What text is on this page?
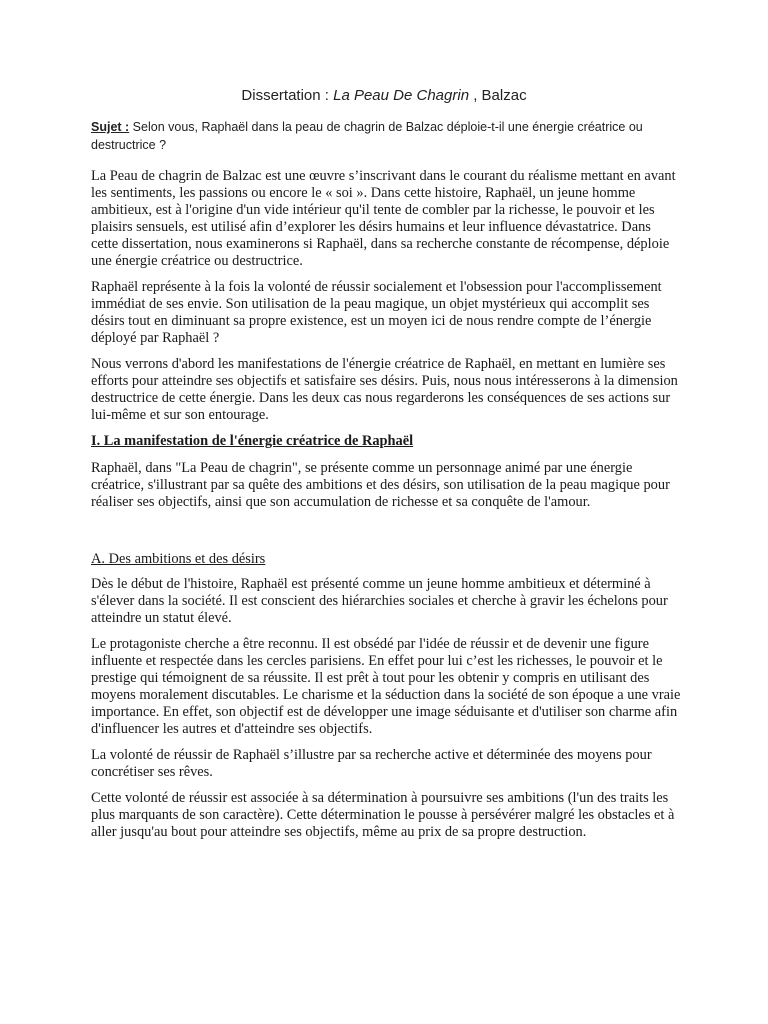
Dissertation : La Peau De Chagrin , Balzac
Sujet : Selon vous, Raphaël dans la peau de chagrin de Balzac déploie-t-il une énergie créatrice ou destructrice ?

La Peau de chagrin de Balzac est une œuvre s’inscrivant dans le courant du réalisme mettant en avant les sentiments, les passions ou encore le « soi ». Dans cette histoire, Raphaël, un jeune homme ambitieux, est à l'origine d'un vide intérieur qu'il tente de combler par la richesse, le pouvoir et les plaisirs sensuels, est utilisé afin d’explorer les désirs humains et leur influence dévastatrice. Dans cette dissertation, nous examinerons si Raphaël, dans sa recherche constante de récompense, déploie une énergie créatrice ou destructrice.

Raphaël représente à la fois la volonté de réussir socialement et l'obsession pour l'accomplissement immédiat de ses envie. Son utilisation de la peau magique, un objet mystérieux qui accomplit ses désirs tout en diminuant sa propre existence, est un moyen ici de nous rendre compte de l’énergie déployé par Raphaël ?

Nous verrons d'abord les manifestations de l'énergie créatrice de Raphaël, en mettant en lumière ses efforts pour atteindre ses objectifs et satisfaire ses désirs. Puis, nous nous intéresserons à la dimension destructrice de cette énergie. Dans les deux cas nous regarderons les conséquences de ses actions sur lui-même et sur son entourage.

I. La manifestation de l'énergie créatrice de Raphaël

Raphaël, dans "La Peau de chagrin", se présente comme un personnage animé par une énergie créatrice, s'illustrant par sa quête des ambitions et des désirs, son utilisation de la peau magique pour réaliser ses objectifs, ainsi que son accumulation de richesse et sa conquête de l'amour.

A. Des ambitions et des désirs

Dès le début de l'histoire, Raphaël est présenté comme un jeune homme ambitieux et déterminé à s'élever dans la société. Il est conscient des hiérarchies sociales et cherche à gravir les échelons pour atteindre un statut élevé.

Le protagoniste cherche a être reconnu. Il est obsédé par l'idée de réussir et de devenir une figure influente et respectée dans les cercles parisiens. En effet pour lui c’est les richesses, le pouvoir et le prestige qui témoignent de sa réussite. Il est prêt à tout pour les obtenir y compris en utilisant des moyens moralement discutables. Le charisme et la séduction dans la société de son époque a une vraie importance. En effet, son objectif est de développer une image séduisante et d'utiliser son charme afin d'influencer les autres et d'atteindre ses objectifs.

La volonté de réussir de Raphaël s’illustre par sa recherche active et déterminée des moyens pour concrétiser ses rêves.

Cette volonté de réussir est associée à sa détermination à poursuivre ses ambitions (l'un des traits les plus marquants de son caractère). Cette détermination le pousse à persévérer malgré les obstacles et à aller jusqu'au bout pour atteindre ses objectifs, même au prix de sa propre destruction.
